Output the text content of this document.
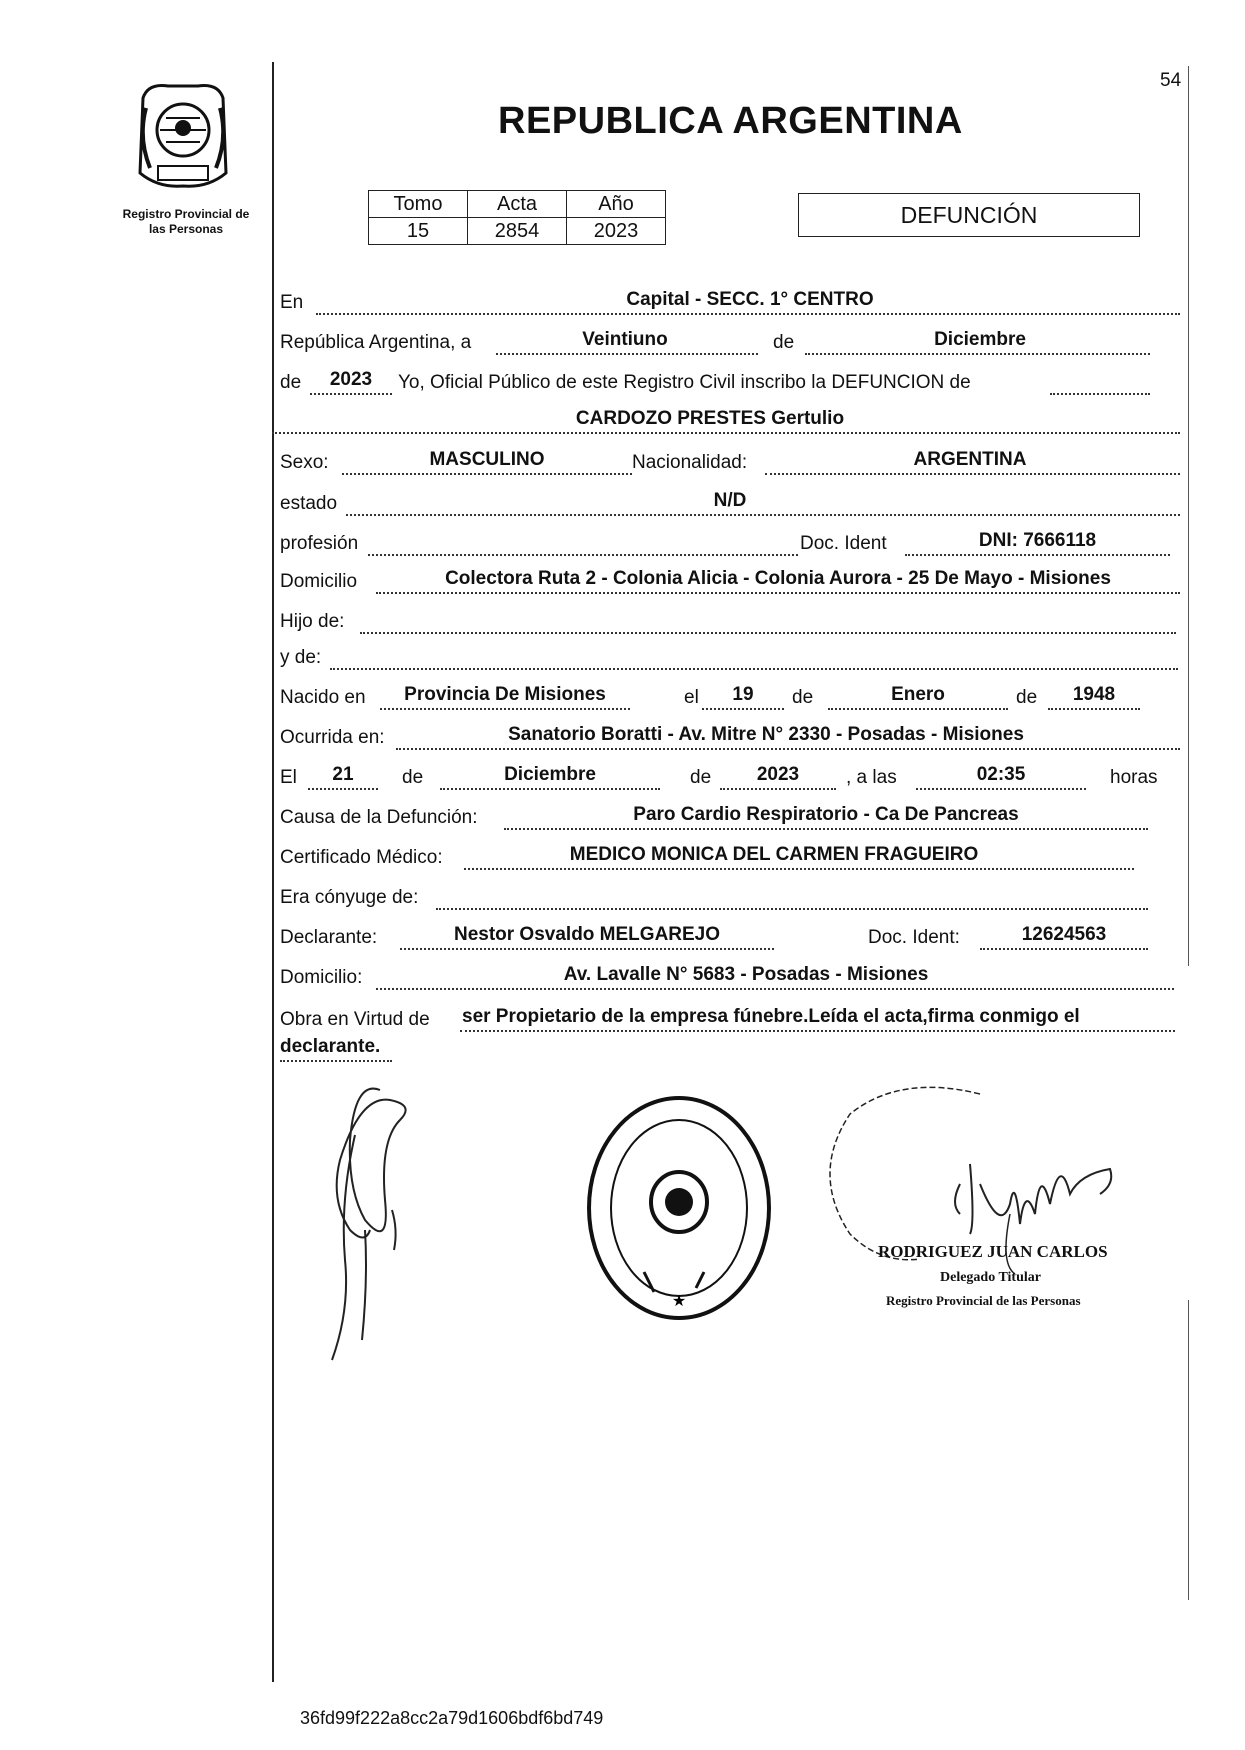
Registro Provincial de
las Personas
REPUBLICA ARGENTINA
54
Tomo	Acta	Año
15	2854	2023
DEFUNCIÓN
En	Capital - SECC. 1° CENTRO
República Argentina, a	Veintiuno	de	Diciembre
de	2023	Yo, Oficial Público de este Registro Civil inscribo la DEFUNCION de
CARDOZO PRESTES Gertulio
Sexo:	MASCULINO	Nacionalidad:	ARGENTINA
estado	N/D
profesión	Doc. Ident	DNI: 7666118
Domicilio	Colectora Ruta 2 - Colonia Alicia - Colonia Aurora - 25 De Mayo - Misiones
Hijo de:
y de:
Nacido en	Provincia De Misiones	el	19	de	Enero	de	1948
Ocurrida en:	Sanatorio Boratti - Av. Mitre N° 2330 - Posadas - Misiones
El	21	de	Diciembre	de	2023	, a las	02:35	horas
Causa de la Defunción:	Paro Cardio Respiratorio - Ca De Pancreas
Certificado Médico:	MEDICO MONICA DEL CARMEN FRAGUEIRO
Era cónyuge de:
Declarante:	Nestor Osvaldo MELGAREJO	Doc. Ident:	12624563
Domicilio:	Av. Lavalle N° 5683 - Posadas - Misiones
Obra en Virtud de ser Propietario de la empresa fúnebre.Leída el acta,firma conmigo el
declarante.
★
RODRIGUEZ JUAN CARLOS
Delegado Titular
Registro Provincial de las Personas
36fd99f222a8cc2a79d1606bdf6bd749
